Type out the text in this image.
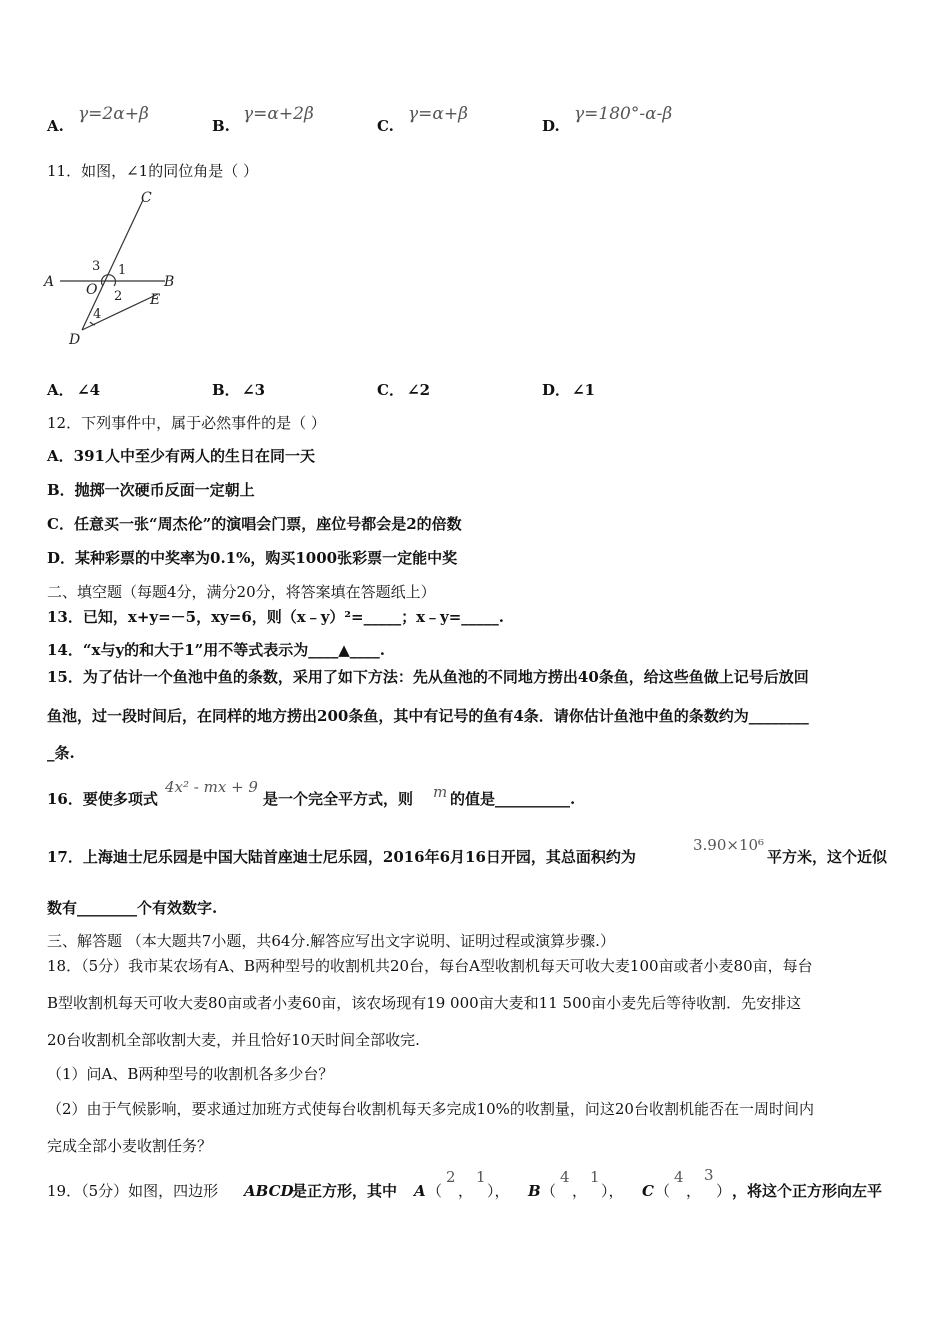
A.
γ=2α+β
B.
γ=α+2β
C.
γ=α+β
D.
γ=180°-α-β
11．如图，∠1的同位角是（ ）
C
A	B
O
E
D
3 1
2
4
A． ∠4	B． ∠3	C． ∠2	D． ∠1
12．下列事件中，属于必然事件的是（ ）
A．391人中至少有两人的生日在同一天
B．抛掷一次硬币反面一定朝上
C．任意买一张“周杰伦”的演唱会门票，座位号都会是2的倍数
D．某种彩票的中奖率为0.1%，购买1000张彩票一定能中奖
二、填空题（每题4分，满分20分，将答案填在答题纸上）
13．已知，x+y=－5，xy=6，则（x﹣y）²=_____；x﹣y=_____.
14．“x与y的和大于1”用不等式表示为____▲____.
15．为了估计一个鱼池中鱼的条数，采用了如下方法：先从鱼池的不同地方捞出40条鱼，给这些鱼做上记号后放回
鱼池，过一段时间后，在同样的地方捞出200条鱼，其中有记号的鱼有4条．请你估计鱼池中鱼的条数约为________
_条.
16．要使多项式
4x² - mx + 9
是一个完全平方式，则 m 的值是__________.
17．上海迪士尼乐园是中国大陆首座迪士尼乐园，2016年6月16日开园，其总面积约为
3.90×10⁶
平方米，这个近似
数有________个有效数字.
三、解答题 （本大题共7小题，共64分.解答应写出文字说明、证明过程或演算步骤.）
18．（5分）我市某农场有A、B两种型号的收割机共20台，每台A型收割机每天可收大麦100亩或者小麦80亩，每台
B型收割机每天可收大麦80亩或者小麦60亩，该农场现有19 000亩大麦和11 500亩小麦先后等待收割．先安排这
20台收割机全部收割大麦，并且恰好10天时间全部收完.
（1）问A、B两种型号的收割机各多少台？
（2）由于气候影响，要求通过加班方式使每台收割机每天多完成10%的收割量，问这20台收割机能否在一周时间内
完成全部小麦收割任务？
19．（5分）如图，四边形 ABCD
是正方形，其中 A （
2
，
1
）， B （
4
，
1
）， C （
4
，
3
） ，将这个正方形向左平
